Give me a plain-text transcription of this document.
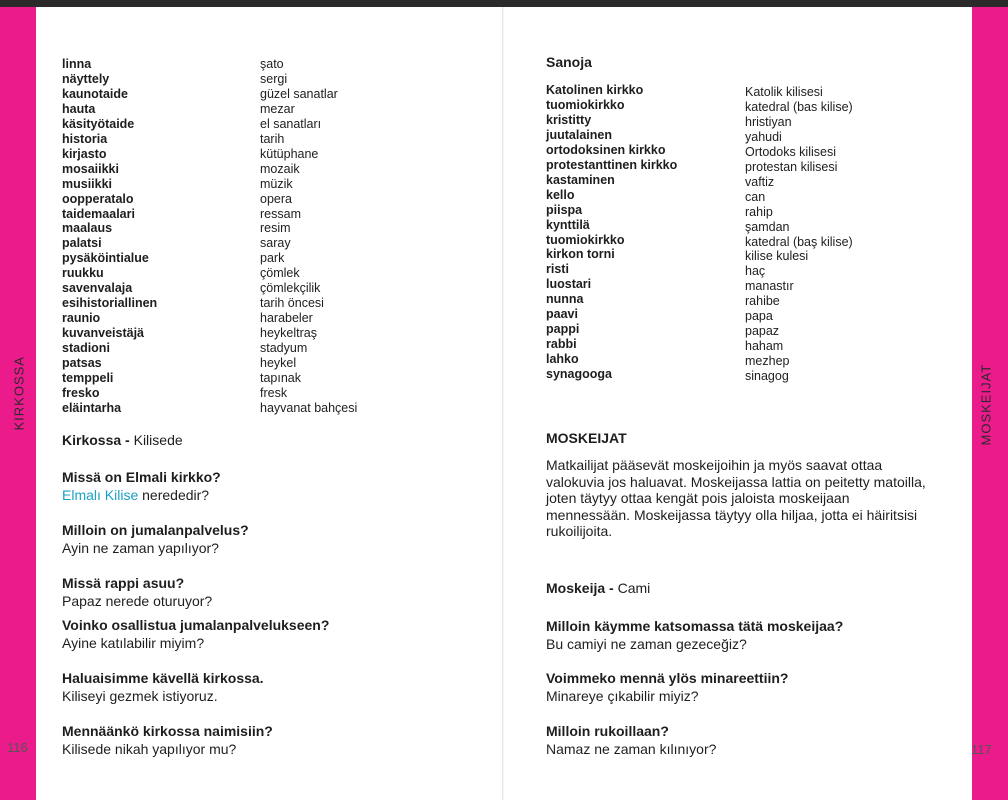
KIRKOSSA	MOSKEIJAT
116	117
linna
näyttely
kaunotaide
hauta
käsityötaide
historia
kirjasto
mosaiikki
musiikki
oopperatalo
taidemaalari
maalaus
palatsi
pysäköintialue
ruukku
savenvalaja
esihistoriallinen
raunio
kuvanveistäjä
stadioni
patsas
temppeli
fresko
eläintarha
şato
sergi
güzel sanatlar
mezar
el sanatları
tarih
kütüphane
mozaik
müzik
opera
ressam
resim
saray
park
çömlek
çömlekçilik
tarih öncesi
harabeler
heykeltraş
stadyum
heykel
tapınak
fresk
hayvanat bahçesi
Kirkossa - Kilisede
Missä on Elmali kirkko?
Elmalı Kilise nerededir?
Milloin on jumalanpalvelus?
Ayin ne zaman yapılıyor?
Missä rappi asuu?
Papaz nerede oturuyor?
Voinko osallistua jumalanpalvelukseen?
Ayine katılabilir miyim?
Haluaisimme kävellä kirkossa.
Kiliseyi gezmek istiyoruz.
Mennäänkö kirkossa naimisiin?
Kilisede nikah yapılıyor mu?
Sanoja
Katolinen kirkko
tuomiokirkko
kristitty
juutalainen
ortodoksinen kirkko
protestanttinen kirkko
kastaminen
kello
piispa
kynttilä
tuomiokirkko
kirkon torni
risti
luostari
nunna
paavi
pappi
rabbi
lahko
synagooga
Katolik kilisesi
katedral (bas kilise)
hristiyan
yahudi
Ortodoks kilisesi
protestan kilisesi
vaftiz
can
rahip
şamdan
katedral (baş kilise)
kilise kulesi
haç
manastır
rahibe
papa
papaz
haham
mezhep
sinagog
MOSKEIJAT
Matkailijat pääsevät moskeijoihin ja myös saavat ottaa
valokuvia jos haluavat. Moskeijassa lattia on peitetty matoilla,
joten täytyy ottaa kengät pois jaloista moskeijaan
mennessään. Moskeijassa täytyy olla hiljaa, jotta ei häiritsisi
rukoilijoita.
Moskeija - Cami
Milloin käymme katsomassa tätä moskeijaa?
Bu camiyi ne zaman gezeceğiz?
Voimmeko mennä ylös minareettiin?
Minareye çıkabilir miyiz?
Milloin rukoillaan?
Namaz ne zaman kılınıyor?
